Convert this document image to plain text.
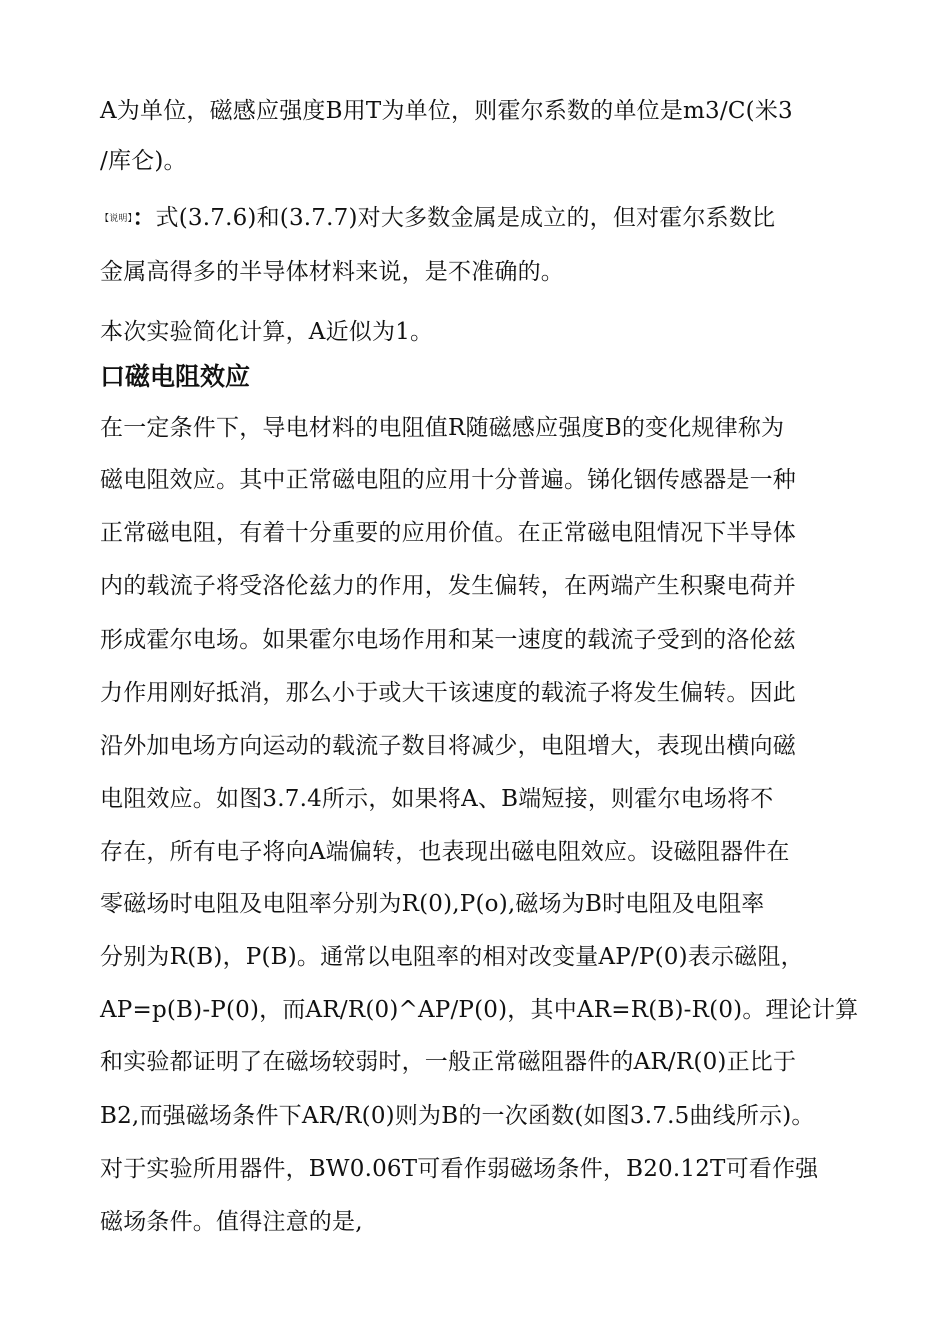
A为单位，磁感应强度B用T为单位，则霍尔系数的单位是m3/C(米3
/库仑)。
【说明】：式(3.7.6)和(3.7.7)对大多数金属是成立的，但对霍尔系数比
金属高得多的半导体材料来说，是不准确的。
本次实验简化计算，A近似为1。
口磁电阻效应
在一定条件下，导电材料的电阻值R随磁感应强度B的变化规律称为
磁电阻效应。其中正常磁电阻的应用十分普遍。锑化铟传感器是一种
正常磁电阻，有着十分重要的应用价值。在正常磁电阻情况下半导体
内的载流子将受洛伦兹力的作用，发生偏转，在两端产生积聚电荷并
形成霍尔电场。如果霍尔电场作用和某一速度的载流子受到的洛伦兹
力作用刚好抵消，那么小于或大干该速度的载流子将发生偏转。因此
沿外加电场方向运动的载流子数目将减少，电阻增大，表现出横向磁
电阻效应。如图3.7.4所示，如果将A、B端短接，则霍尔电场将不
存在，所有电子将向A端偏转，也表现出磁电阻效应。设磁阻器件在
零磁场时电阻及电阻率分别为R(0),P(o),磁场为B时电阻及电阻率
分别为R(B)，P(B)。通常以电阻率的相对改变量AP/P(0)表示磁阻，
AP=p(B)-P(0)，而AR/R(0)^AP/P(0)，其中AR=R(B)-R(0)。理论计算
和实验都证明了在磁场较弱时，一般正常磁阻器件的AR/R(0)正比于
B2,而强磁场条件下AR/R(0)则为B的一次函数(如图3.7.5曲线所示)。
对于实验所用器件，BW0.06T可看作弱磁场条件，B20.12T可看作强
磁场条件。值得注意的是,
